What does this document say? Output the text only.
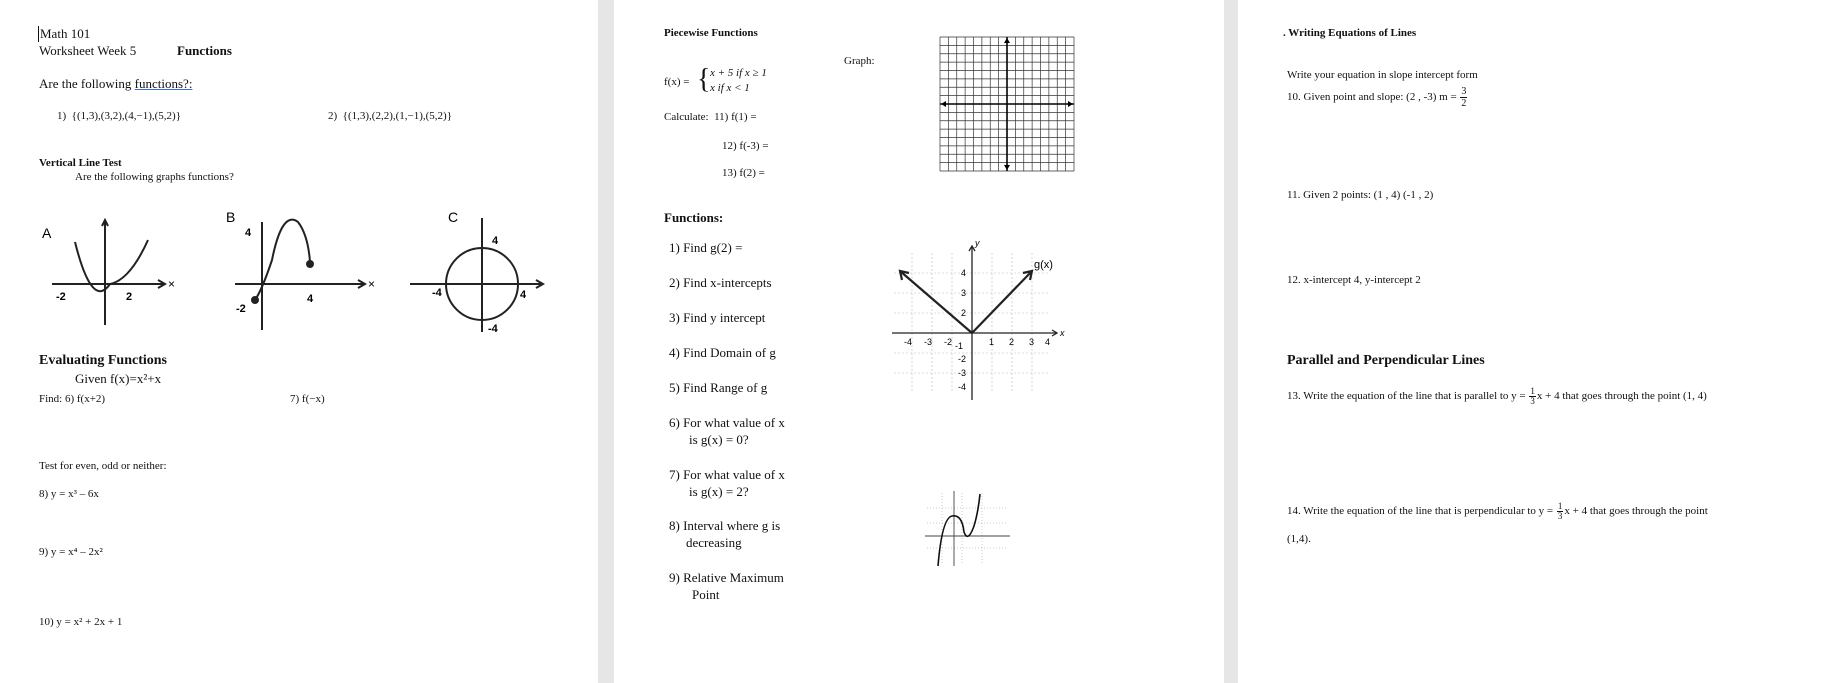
Math 101
Worksheet Week 5	Functions
Are the following functions?:
1) {(1,3),(3,2),(4,−1),(5,2)}	2) {(1,3),(2,2),(1,−1),(5,2)}
Vertical Line Test
Are the following graphs functions?
A
×
-2	2
B
×
4
-2
4
C
4
-4
-4	4
Evaluating Functions
Given f(x)=x²+x
Find: 6) f(x+2)	7) f(−x)
Test for even, odd or neither:
8) y = x³ – 6x
9) y = x⁴ – 2x²
10) y = x² + 2x + 1
Piecewise Functions
f(x) = { x + 5 if x ≥ 1
x if x < 1
Graph:
Calculate: 11) f(1) =
12) f(-3) =
13) f(2) =
Functions:
1) Find g(2) =
2) Find x-intercepts
3) Find y intercept
4) Find Domain of g
5) Find Range of g
6) For what value of x
is g(x) = 0?
7) For what value of x
is g(x) = 2?
8) Interval where g is
decreasing
9) Relative Maximum
Point
y
x
g(x)
4
3
2
-1
-2
-3
-4
-4 -3 -2	1 2 3 4
. Writing Equations of Lines
Write your equation in slope intercept form
10. Given point and slope: (2 , -3) $m = \frac{3}{2}$
11. Given 2 points: (1 , 4) (-1 , 2)
12. x-intercept 4, y-intercept 2
Parallel and Perpendicular Lines
13. Write the equation of the line that is parallel to $y = \frac{1}{3}$ x + 4 that goes through the point (1, 4)
14. Write the equation of the line that is perpendicular to $y = \frac{1}{3}$ x + 4 that goes through the point
(1,4).
